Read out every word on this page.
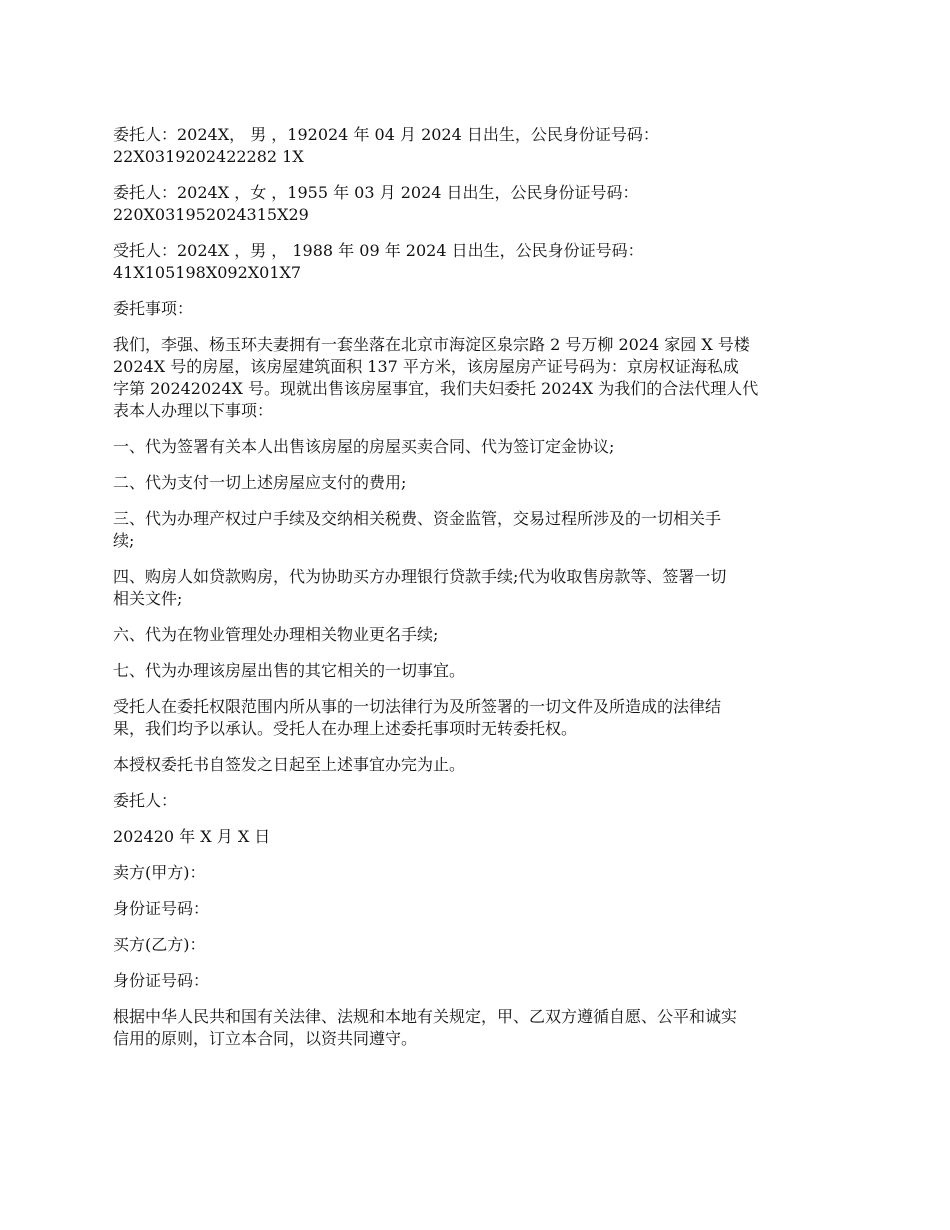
委托人：2024X， 男 ，192024 年 04 月 2024 日出生，公民身份证号码：
22X0319202422282 1X

委托人：2024X ，女 ，1955 年 03 月 2024 日出生，公民身份证号码：
220X031952024315X29

受托人：2024X ，男 ， 1988 年 09 年 2024 日出生，公民身份证号码：
41X105198X092X01X7

委托事项：

我们，李强、杨玉环夫妻拥有一套坐落在北京市海淀区泉宗路 2 号万柳 2024 家园 X 号楼
2024X 号的房屋，该房屋建筑面积 137 平方米，该房屋房产证号码为：京房权证海私成
字第 20242024X 号。现就出售该房屋事宜，我们夫妇委托 2024X 为我们的合法代理人代
表本人办理以下事项：

一、代为签署有关本人出售该房屋的房屋买卖合同、代为签订定金协议;

二、代为支付一切上述房屋应支付的费用;

三、代为办理产权过户手续及交纳相关税费、资金监管，交易过程所涉及的一切相关手
续;

四、购房人如贷款购房，代为协助买方办理银行贷款手续;代为收取售房款等、签署一切
相关文件;

六、代为在物业管理处办理相关物业更名手续;

七、代为办理该房屋出售的其它相关的一切事宜。

受托人在委托权限范围内所从事的一切法律行为及所签署的一切文件及所造成的法律结
果，我们均予以承认。受托人在办理上述委托事项时无转委托权。

本授权委托书自签发之日起至上述事宜办完为止。

委托人：

202420 年 X 月 X 日

卖方(甲方)：

身份证号码：

买方(乙方)：

身份证号码：

根据中华人民共和国有关法律、法规和本地有关规定，甲、乙双方遵循自愿、公平和诚实
信用的原则，订立本合同，以资共同遵守。
